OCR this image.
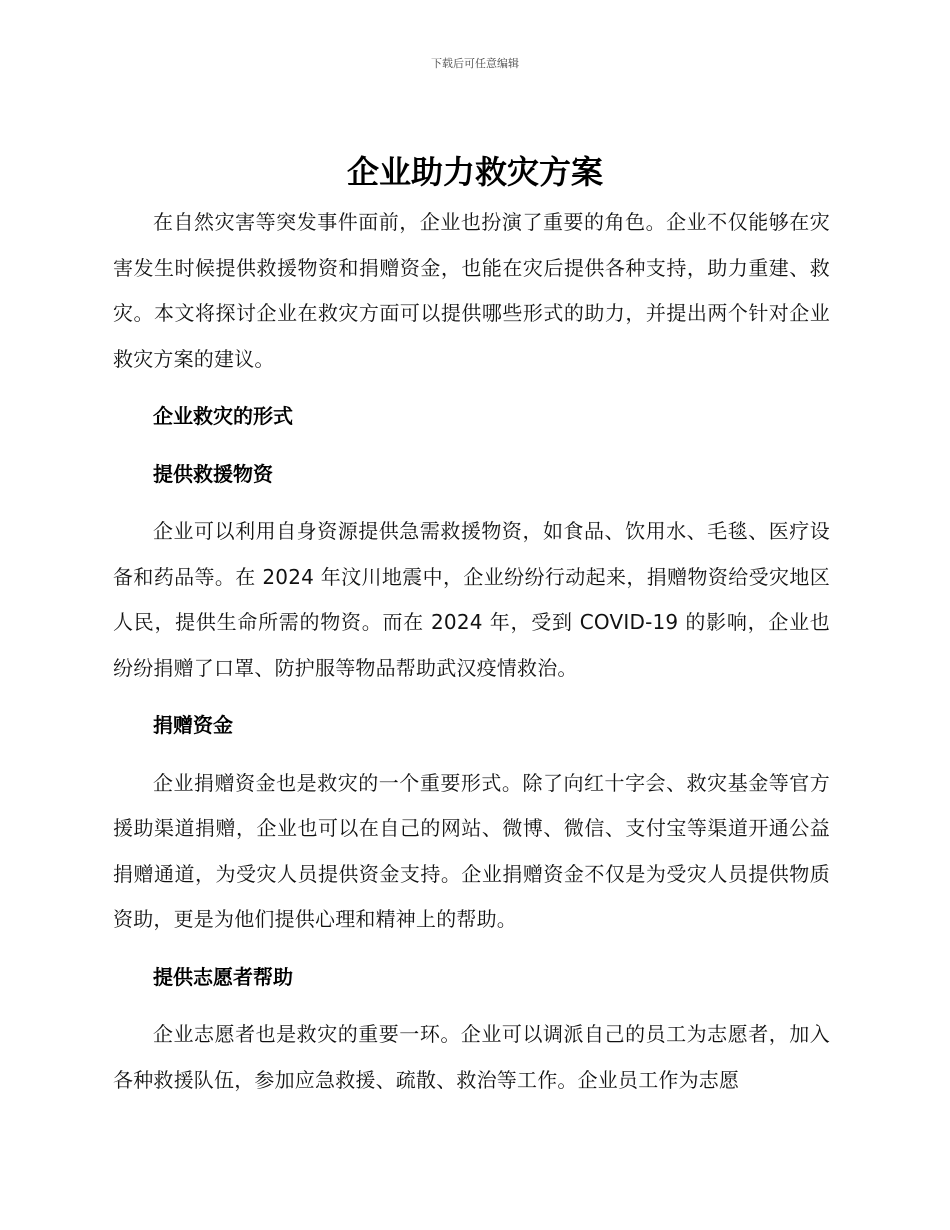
下载后可任意编辑
企业助力救灾方案

在自然灾害等突发事件面前，企业也扮演了重要的角色。企业不仅能够在灾害发生时候提供救援物资和捐赠资金，也能在灾后提供各种支持，助力重建、救灾。本文将探讨企业在救灾方面可以提供哪些形式的助力，并提出两个针对企业救灾方案的建议。

企业救灾的形式
提供救援物资

企业可以利用自身资源提供急需救援物资，如食品、饮用水、毛毯、医疗设备和药品等。在 2024 年汶川地震中，企业纷纷行动起来，捐赠物资给受灾地区人民，提供生命所需的物资。而在 2024 年，受到 COVID-19 的影响，企业也纷纷捐赠了口罩、防护服等物品帮助武汉疫情救治。

捐赠资金

企业捐赠资金也是救灾的一个重要形式。除了向红十字会、救灾基金等官方援助渠道捐赠，企业也可以在自己的网站、微博、微信、支付宝等渠道开通公益捐赠通道，为受灾人员提供资金支持。企业捐赠资金不仅是为受灾人员提供物质资助，更是为他们提供心理和精神上的帮助。

提供志愿者帮助

企业志愿者也是救灾的重要一环。企业可以调派自己的员工为志愿者，加入各种救援队伍，参加应急救援、疏散、救治等工作。企业员工作为志愿
